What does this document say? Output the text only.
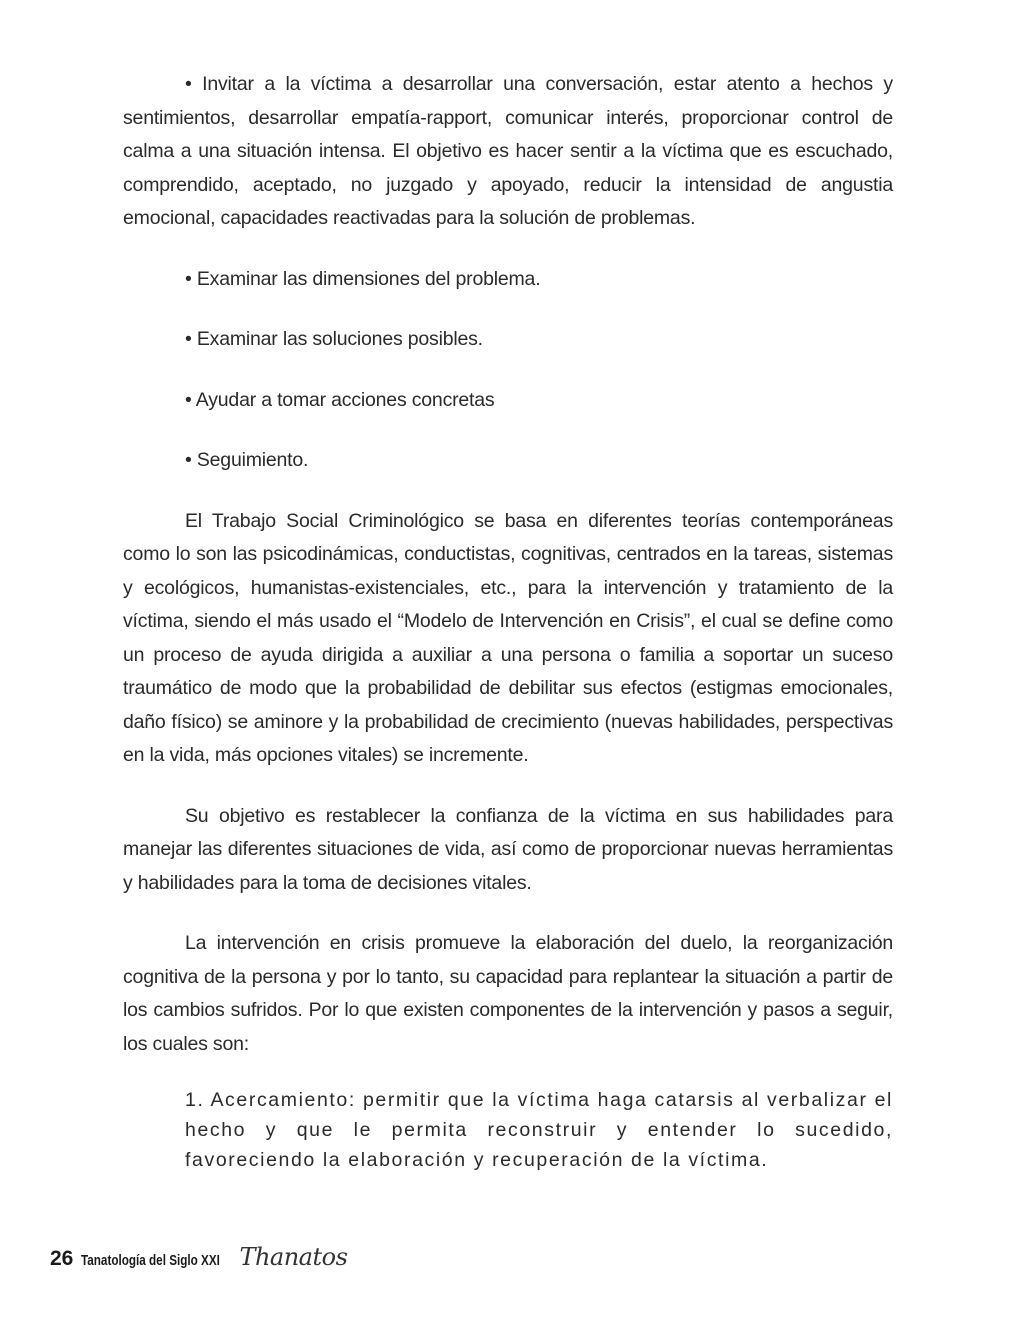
• Invitar a la víctima a desarrollar una conversación, estar atento a hechos y sentimientos, desarrollar empatía-rapport, comunicar interés, proporcionar control de calma a una situación intensa. El objetivo es hacer sentir a la víctima que es escuchado, comprendido, aceptado, no juzgado y apoyado, reducir la intensidad de angustia emocional, capacidades reactivadas para la solución de problemas.

• Examinar las dimensiones del problema.

• Examinar las soluciones posibles.

• Ayudar a tomar acciones concretas

• Seguimiento.

El Trabajo Social Criminológico se basa en diferentes teorías contemporáneas como lo son las psicodinámicas, conductistas, cognitivas, centrados en la tareas, sistemas y ecológicos, humanistas-existenciales, etc., para la intervención y tratamiento de la víctima, siendo el más usado el “Modelo de Intervención en Crisis”, el cual se define como un proceso de ayuda dirigida a auxiliar a una persona o familia a soportar un suceso traumático de modo que la probabilidad de debilitar sus efectos (estigmas emocionales, daño físico) se aminore y la probabilidad de crecimiento (nuevas habilidades, perspectivas en la vida, más opciones vitales) se incremente.

Su objetivo es restablecer la confianza de la víctima en sus habilidades para manejar las diferentes situaciones de vida, así como de proporcionar nuevas herramientas y habilidades para la toma de decisiones vitales.

La intervención en crisis promueve la elaboración del duelo, la reorganización cognitiva de la persona y por lo tanto, su capacidad para replantear la situación a partir de los cambios sufridos. Por lo que existen componentes de la intervención y pasos a seguir, los cuales son:

1. Acercamiento: permitir que la víctima haga catarsis al verbalizar el hecho y que le permita reconstruir y entender lo sucedido, favoreciendo la elaboración y recuperación de la víctima.

26 Tanatología del Siglo XXI Thanatos
